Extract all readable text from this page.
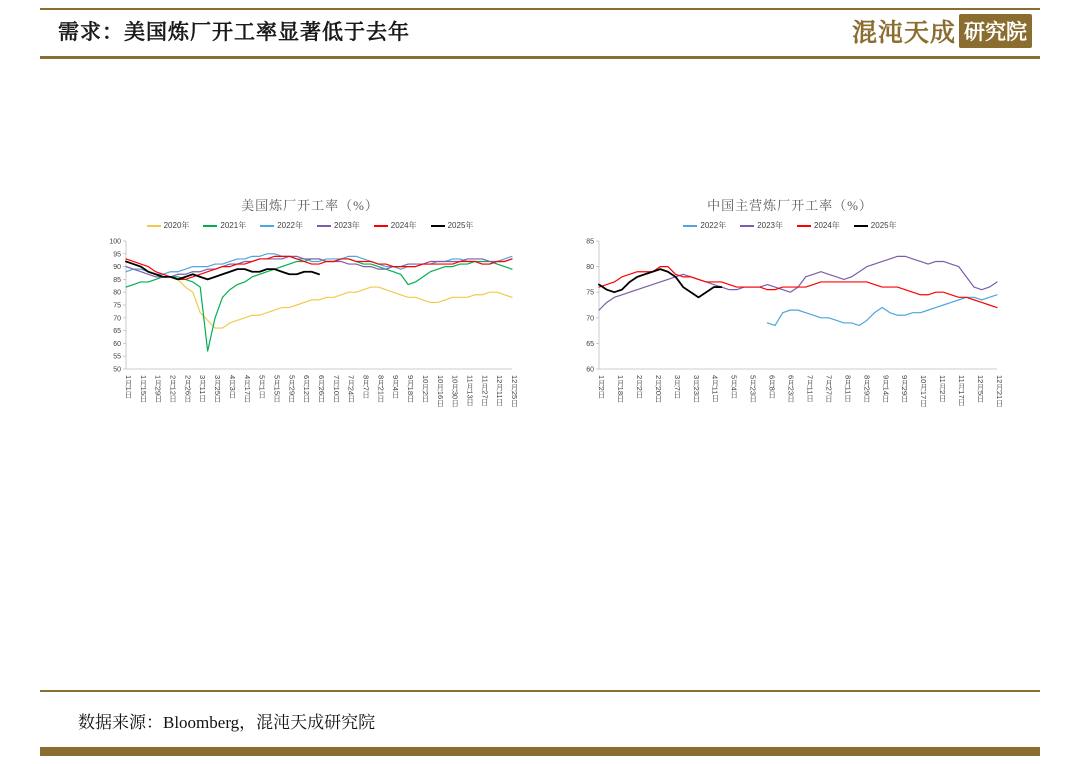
需求：美国炼厂开工率显著低于去年	混沌天成 研究院
美国炼厂开工率（%）
2020年	2021年	2022年	2023年	2024年	2025年
50
55
60
65
70
75
80
85
90
95
100
1月1日 1月15日 1月29日 2月12日 2月26日 3月11日 3月25日 4月3日 4月17日 5月1日 5月15日 5月29日 6月12日 6月26日 7月10日 7月24日 8月7日 8月21日 9月4日 9月18日 10月2日 10月16日 10月30日 11月13日 11月27日 12月11日 12月25日
中国主营炼厂开工率（%）
2022年	2023年	2024年	2025年
60
65
70
75
80
85
1月2日 1月18日 2月2日 2月20日 3月7日 3月23日 4月11日 5月4日 5月23日 6月8日 6月23日 7月11日 7月27日 8月11日 8月29日 9月14日 9月29日 10月17日 11月2日 11月17日 12月5日 12月21日
数据来源：Bloomberg，混沌天成研究院
